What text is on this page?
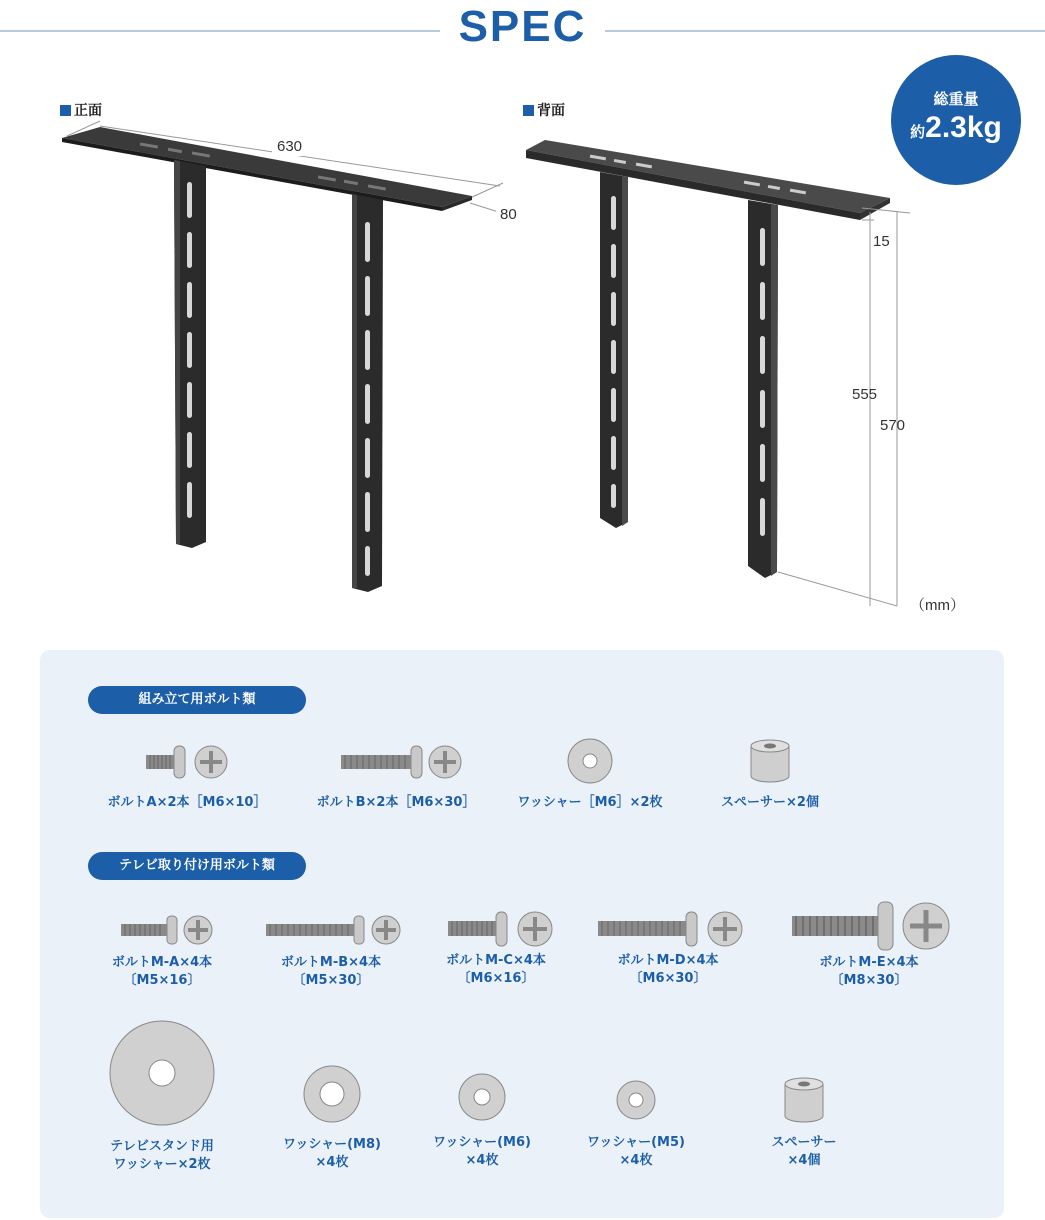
SPEC
正面	背面
総重量
約2.3kg
630
80
15
555
570
（mm）
組み立て用ボルト類
ボルトA×2本［M6×10］	ボルトB×2本［M6×30］	ワッシャー［M6］×2枚	スペーサー×2個
テレビ取り付け用ボルト類
ボルトM-A×4本
〔M5×16〕
ボルトM-B×4本
〔M5×30〕
ボルトM-C×4本
〔M6×16〕
ボルトM-D×4本
〔M6×30〕
ボルトM-E×4本
〔M8×30〕
テレビスタンド用
ワッシャー×2枚
ワッシャー(M8)
×4枚
ワッシャー(M6)
×4枚
ワッシャー(M5)
×4枚
スペーサー
×4個
